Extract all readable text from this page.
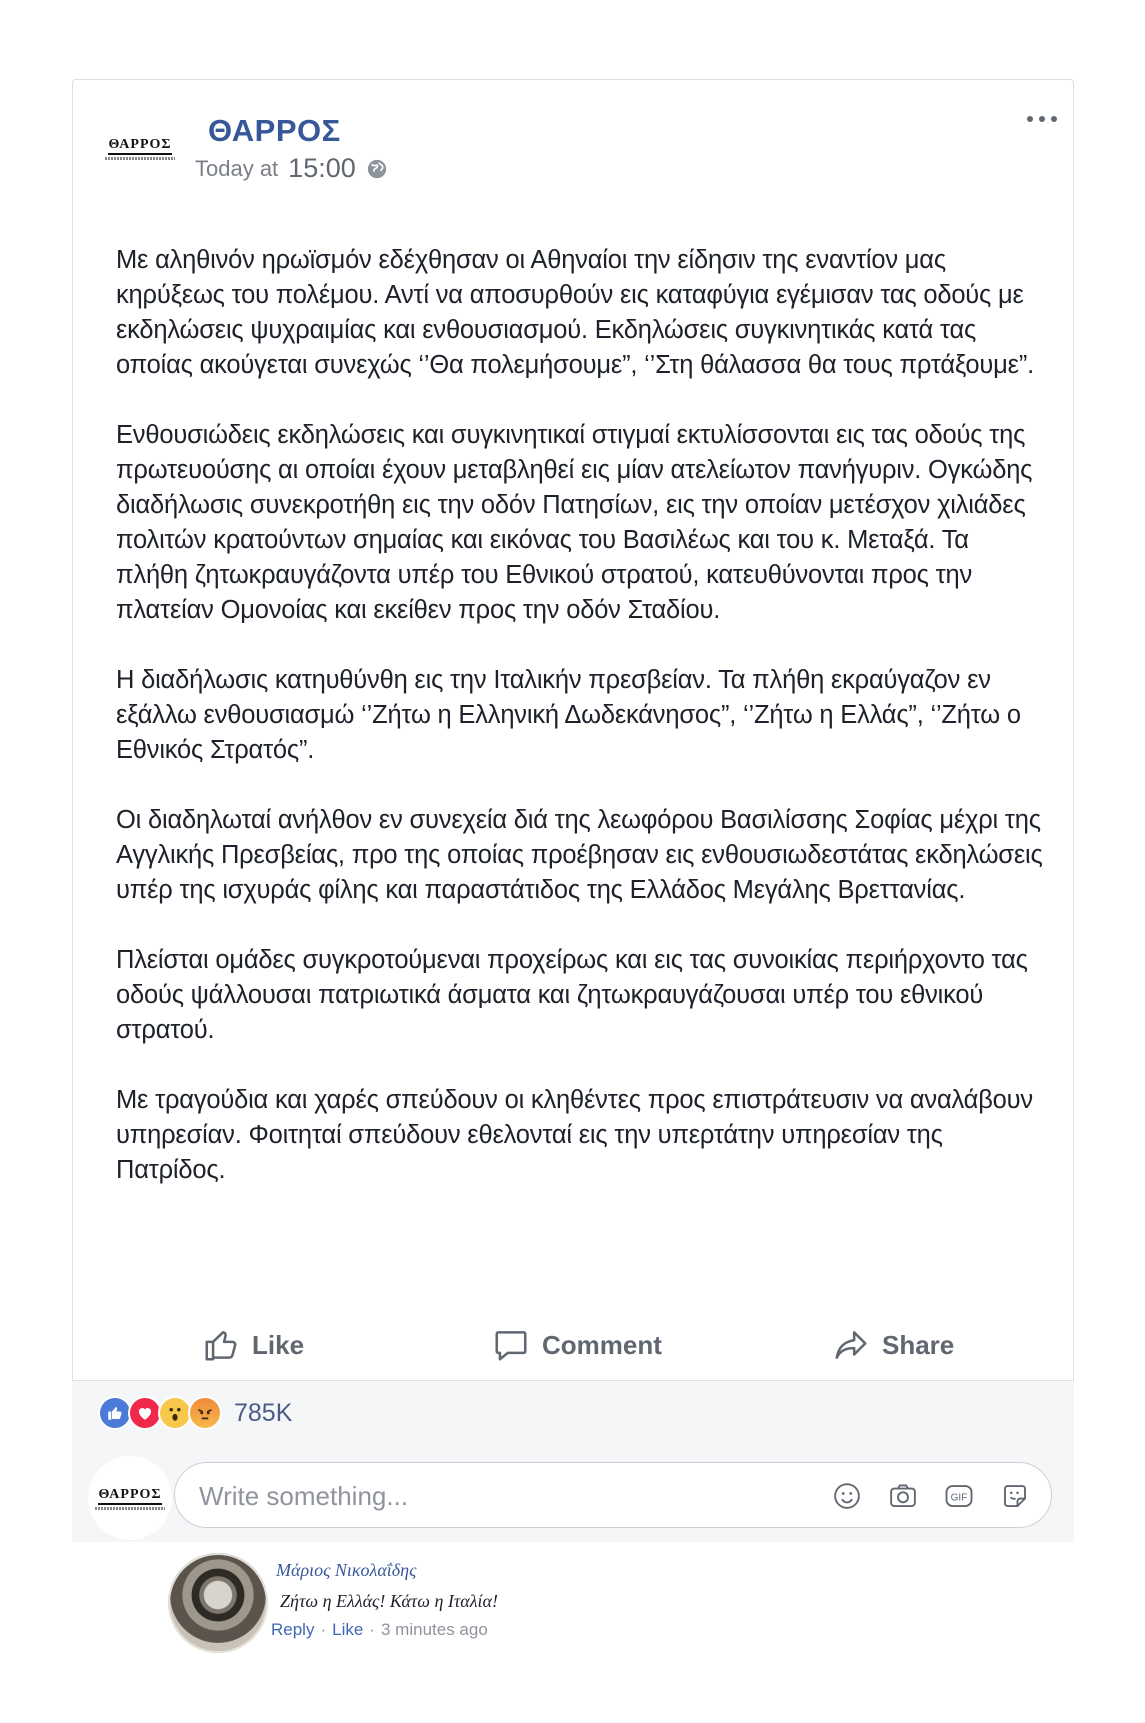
ΘΑΡΡΟΣ ΘΑΡΡΟΣ
Today at 15:00

Με αληθινόν ηρωϊσμόν εδέχθησαν οι Αθηναίοι την είδησιν της εναντίον μας κηρύξεως του πολέμου. Αντί να αποσυρθούν εις καταφύγια εγέμισαν τας οδούς με εκδηλώσεις ψυχραιμίας και ενθουσιασμού. Εκδηλώσεις συγκινητικάς κατά τας οποίας ακούγεται συνεχώς ‘’Θα πολεμήσουμε”, ‘’Στη θάλασσα θα τους πρτάξουμε”.

Ενθουσιώδεις εκδηλώσεις και συγκινητικαί στιγμαί εκτυλίσσονται εις τας οδούς της πρωτευούσης αι οποίαι έχουν μεταβληθεί εις μίαν ατελείωτον πανήγυριν. Ογκώδης διαδήλωσις συνεκροτήθη εις την οδόν Πατησίων, εις την οποίαν μετέσχον χιλιάδες πολιτών κρατούντων σημαίας και εικόνας του Βασιλέως και του κ. Μεταξά. Τα πλήθη ζητωκραυγάζοντα υπέρ του Εθνικού στρατού, κατευθύνονται προς την πλατείαν Ομονοίας και εκείθεν προς την οδόν Σταδίου.

Η διαδήλωσις κατηυθύνθη εις την Ιταλικήν πρεσβείαν. Τα πλήθη εκραύγαζον εν εξάλλω ενθουσιασμώ ‘’Ζήτω η Ελληνική Δωδεκάνησος”, ‘’Ζήτω η Ελλάς”, ‘’Ζήτω ο Εθνικός Στρατός”.

Οι διαδηλωταί ανήλθον εν συνεχεία διά της λεωφόρου Βασιλίσσης Σοφίας μέχρι της Αγγλικής Πρεσβείας, προ της οποίας προέβησαν εις ενθουσιωδεστάτας εκδηλώσεις υπέρ της ισχυράς φίλης και παραστάτιδος της Ελλάδος Μεγάλης Βρεττανίας.

Πλείσται ομάδες συγκροτούμεναι προχείρως και εις τας συνοικίας περιήρχοντο τας οδούς ψάλλουσαι πατριωτικά άσματα και ζητωκραυγάζουσαι υπέρ του εθνικού στρατού.

Με τραγούδια και χαρές σπεύδουν οι κληθέντες προς επιστράτευσιν να αναλάβουν υπηρεσίαν. Φοιτηταί σπεύδουν εθελονταί εις την υπερτάτην υπηρεσίαν της Πατρίδος.

Like	Comment	Share
785K
ΘΑΡΡΟΣ
Write something...	GIF
Μάριος Νικολαΐδης
Ζήτω η Ελλάς! Κάτω η Ιταλία!
Reply · Like · 3 minutes ago
